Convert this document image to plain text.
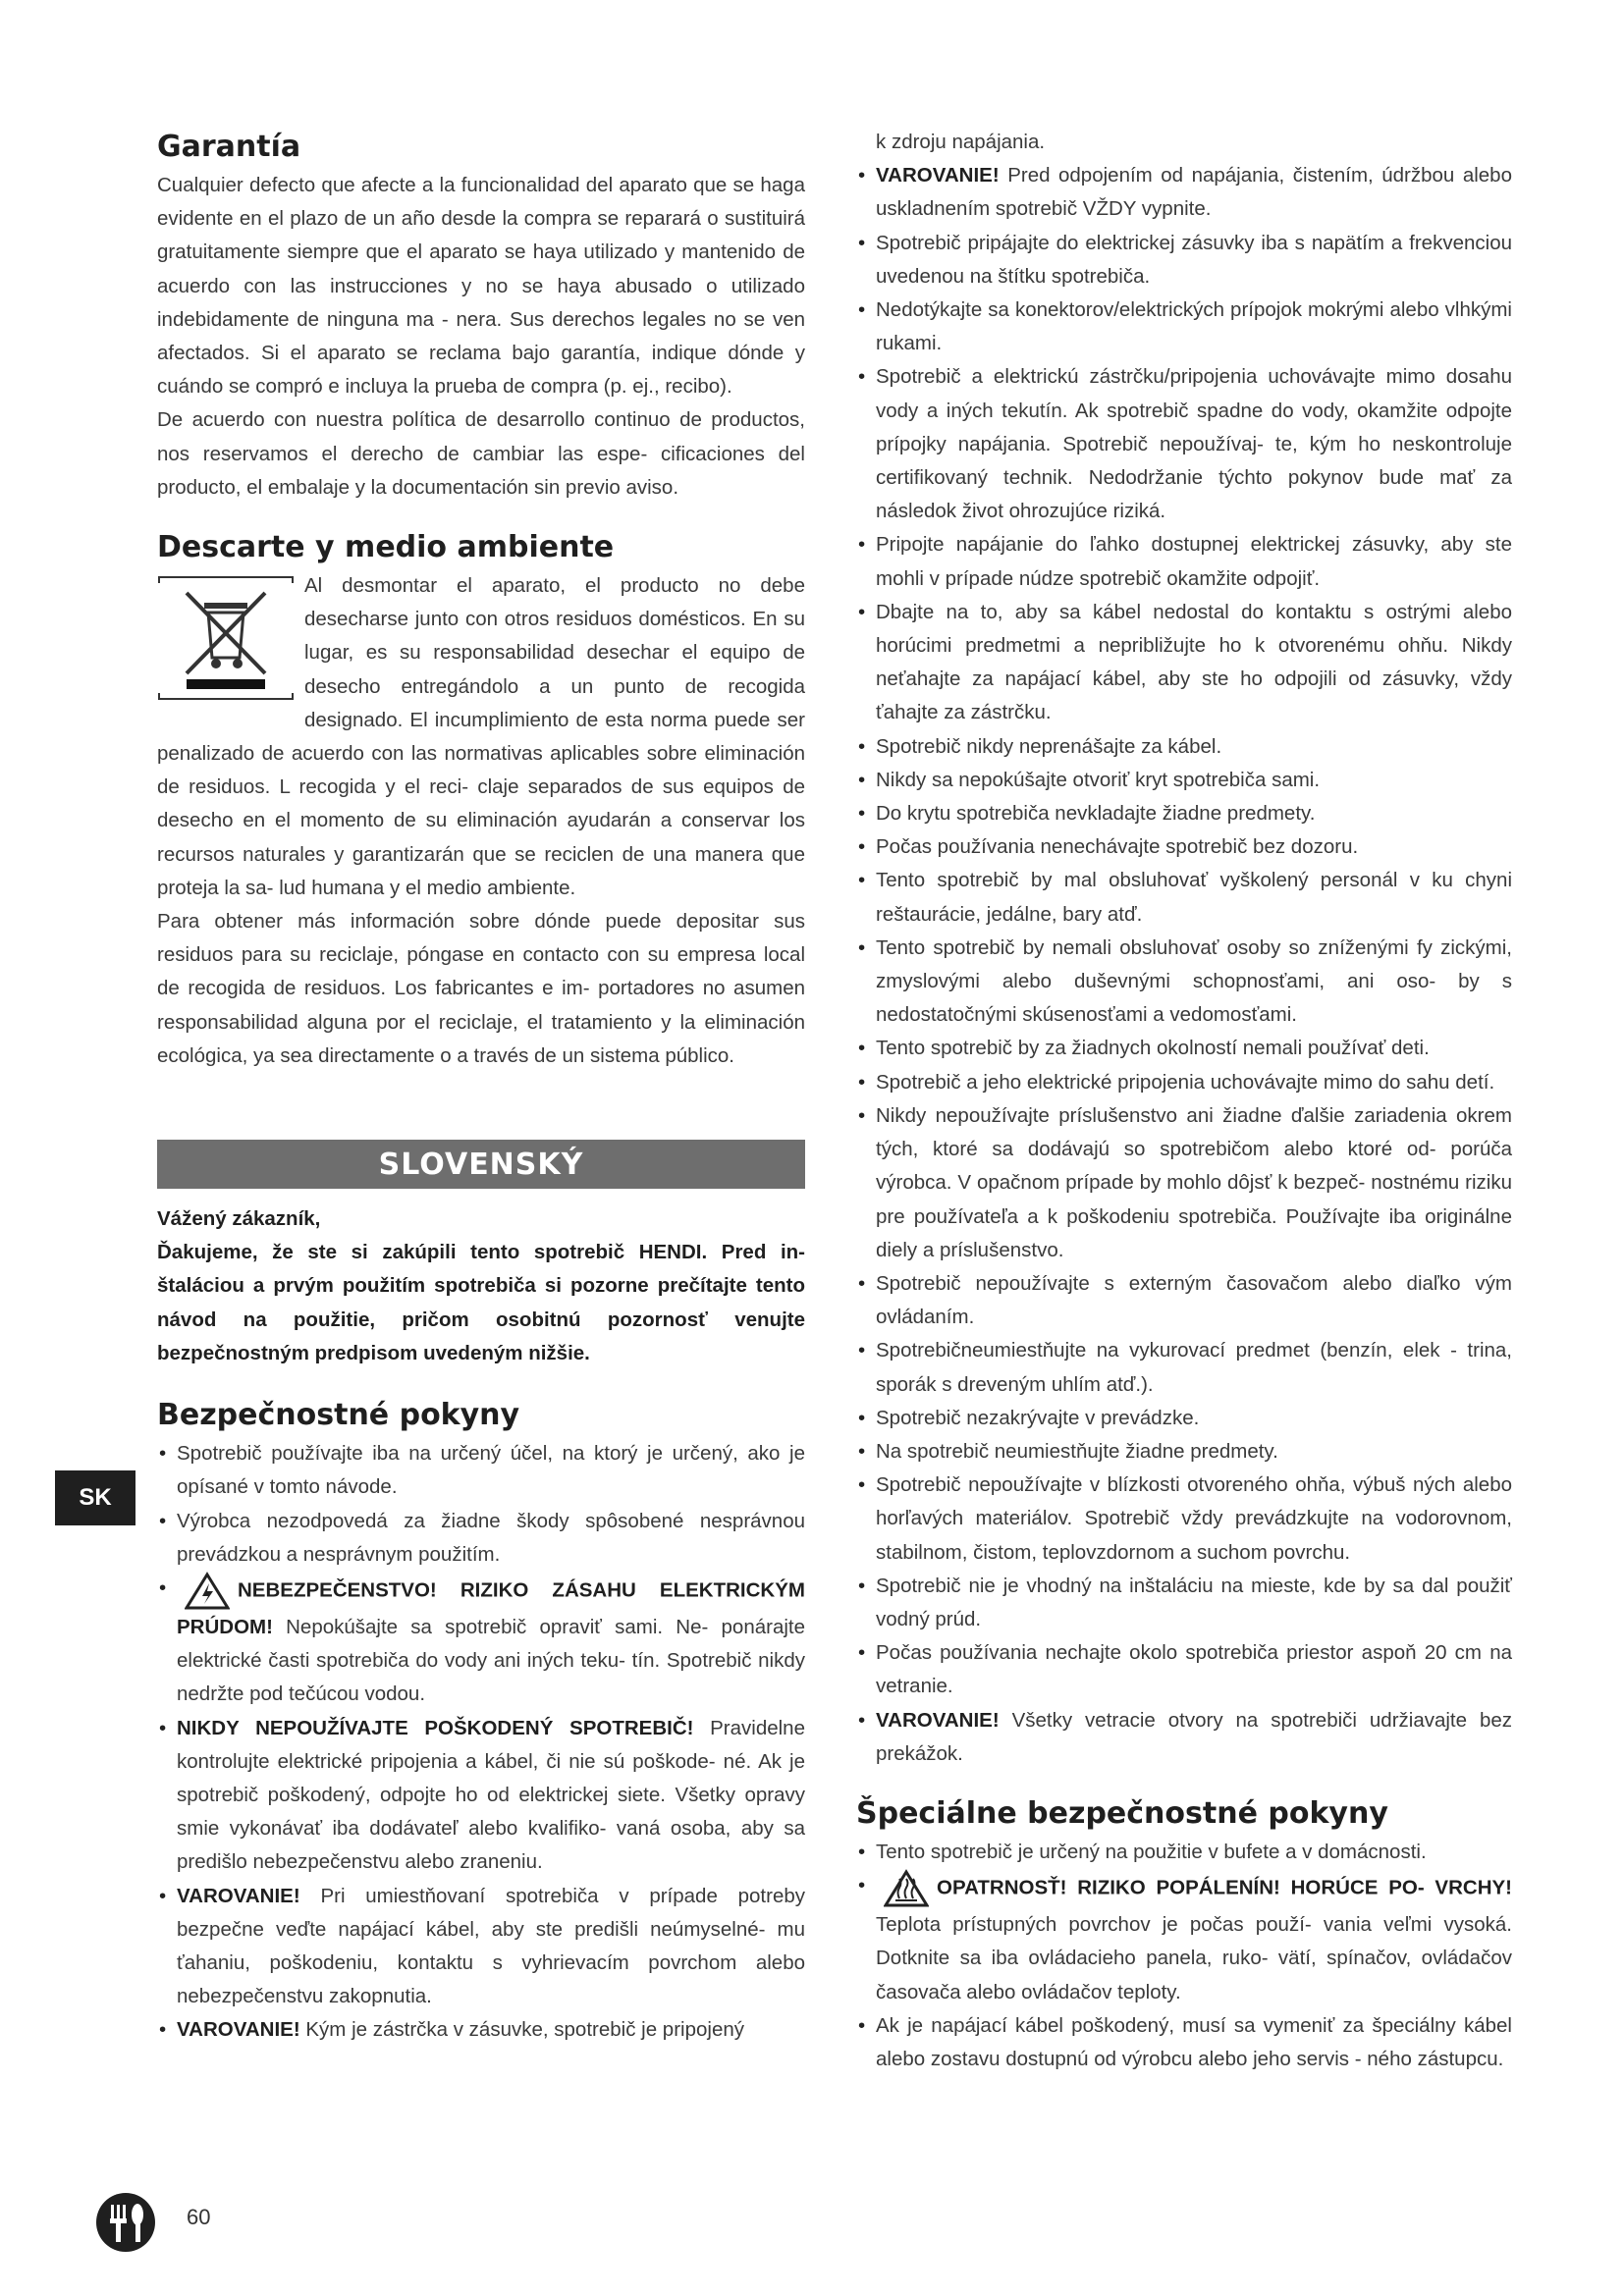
SK
Garantía

Cualquier defecto que afecte a la funcionalidad del aparato que se haga evidente en el plazo de un año desde la compra se reparará o sustituirá gratuitamente siempre que el aparato se haya utilizado y mantenido de acuerdo con las instrucciones y no se haya abusado o utilizado indebidamente de ninguna ma - nera. Sus derechos legales no se ven afectados. Si el aparato se reclama bajo garantía, indique dónde y cuándo se compró e incluya la prueba de compra (p. ej., recibo).

De acuerdo con nuestra política de desarrollo continuo de productos, nos reservamos el derecho de cambiar las espe- cificaciones del producto, el embalaje y la documentación sin previo aviso.

Descarte y medio ambiente

Al desmontar el aparato, el producto no debe desecharse junto con otros residuos domésticos. En su lugar, es su responsabilidad desechar el equipo de desecho entregándolo a un punto de recogida designado. El incumplimiento de esta norma puede ser penalizado de acuerdo con las normativas aplicables sobre eliminación de residuos. L recogida y el reci- claje separados de sus equipos de desecho en el momento de su eliminación ayudarán a conservar los recursos naturales y garantizarán que se reciclen de una manera que proteja la sa- lud humana y el medio ambiente.

Para obtener más información sobre dónde puede depositar sus residuos para su reciclaje, póngase en contacto con su empresa local de recogida de residuos. Los fabricantes e im- portadores no asumen responsabilidad alguna por el reciclaje, el tratamiento y la eliminación ecológica, ya sea directamente o a través de un sistema público.

SLOVENSKÝ

Vážený zákazník,

Ďakujeme, že ste si zakúpili tento spotrebič HENDI. Pred in- štaláciou a prvým použitím spotrebiča si pozorne prečítajte tento návod na použitie, pričom osobitnú pozornosť venujte bezpečnostným predpisom uvedeným nižšie.

Bezpečnostné pokyny
• Spotrebič používajte iba na určený účel, na ktorý je určený, ako je opísané v tomto návode.
• Výrobca nezodpovedá za žiadne škody spôsobené nesprávnou prevádzkou a nesprávnym použitím.
• NEBEZPEČENSTVO! RIZIKO ZÁSAHU ELEKTRICKÝM PRÚDOM! Nepokúšajte sa spotrebič opraviť sami. Ne- ponárajte elektrické časti spotrebiča do vody ani iných teku- tín. Spotrebič nikdy nedržte pod tečúcou vodou.
• NIKDY NEPOUŽÍVAJTE POŠKODENÝ SPOTREBIČ! Pravidelne kontrolujte elektrické pripojenia a kábel, či nie sú poškode- né. Ak je spotrebič poškodený, odpojte ho od elektrickej siete. Všetky opravy smie vykonávať iba dodávateľ alebo kvalifiko- vaná osoba, aby sa predišlo nebezpečenstvu alebo zraneniu.
• VAROVANIE! Pri umiestňovaní spotrebiča v prípade potreby bezpečne veďte napájací kábel, aby ste predišli neúmyselné- mu ťahaniu, poškodeniu, kontaktu s vyhrievacím povrchom alebo nebezpečenstvu zakopnutia.
• VAROVANIE! Kým je zástrčka v zásuvke, spotrebič je pripojený

k zdroju napájania.

• VAROVANIE! Pred odpojením od napájania, čistením, údržbou alebo uskladnením spotrebič VŽDY vypnite.
• Spotrebič pripájajte do elektrickej zásuvky iba s napätím a frekvenciou uvedenou na štítku spotrebiča.
• Nedotýkajte sa konektorov/elektrických prípojok mokrými alebo vlhkými rukami.
• Spotrebič a elektrickú zástrčku/pripojenia uchovávajte mimo dosahu vody a iných tekutín. Ak spotrebič spadne do vody, okamžite odpojte prípojky napájania. Spotrebič nepoužívaj- te, kým ho neskontroluje certifikovaný technik. Nedodržanie týchto pokynov bude mať za následok život ohrozujúce riziká.
• Pripojte napájanie do ľahko dostupnej elektrickej zásuvky, aby ste mohli v prípade núdze spotrebič okamžite odpojiť.
• Dbajte na to, aby sa kábel nedostal do kontaktu s ostrými alebo horúcimi predmetmi a nepribližujte ho k otvorenému ohňu. Nikdy neťahajte za napájací kábel, aby ste ho odpojili od zásuvky, vždy ťahajte za zástrčku.
• Spotrebič nikdy neprenášajte za kábel.
• Nikdy sa nepokúšajte otvoriť kryt spotrebiča sami.
• Do krytu spotrebiča nevkladajte žiadne predmety.
• Počas používania nenechávajte spotrebič bez dozoru.
• Tento spotrebič by mal obsluhovať vyškolený personál v ku chyni reštaurácie, jedálne, bary atď.
• Tento spotrebič by nemali obsluhovať osoby so zníženými fy zickými, zmyslovými alebo duševnými schopnosťami, ani oso- by s nedostatočnými skúsenosťami a vedomosťami.
• Tento spotrebič by za žiadnych okolností nemali používať deti.
• Spotrebič a jeho elektrické pripojenia uchovávajte mimo do sahu detí.
• Nikdy nepoužívajte príslušenstvo ani žiadne ďalšie zariadenia okrem tých, ktoré sa dodávajú so spotrebičom alebo ktoré od- porúča výrobca. V opačnom prípade by mohlo dôjsť k bezpeč- nostnému riziku pre používateľa a k poškodeniu spotrebiča. Používajte iba originálne diely a príslušenstvo.
• Spotrebič nepoužívajte s externým časovačom alebo diaľko vým ovládaním.
• Spotrebičneumiestňujte na vykurovací predmet (benzín, elek - trina, sporák s dreveným uhlím atď.).
• Spotrebič nezakrývajte v prevádzke.
• Na spotrebič neumiestňujte žiadne predmety.
• Spotrebič nepoužívajte v blízkosti otvoreného ohňa, výbuš ných alebo horľavých materiálov. Spotrebič vždy prevádzkujte na vodorovnom, stabilnom, čistom, teplovzdornom a suchom povrchu.
• Spotrebič nie je vhodný na inštaláciu na mieste, kde by sa dal použiť vodný prúd.
• Počas používania nechajte okolo spotrebiča priestor aspoň 20 cm na vetranie.
• VAROVANIE! Všetky vetracie otvory na spotrebiči udržiavajte bez prekážok.
Špeciálne bezpečnostné pokyny
• Tento spotrebič je určený na použitie v bufete a v domácnosti.
• OPATRNOSŤ! RIZIKO POPÁLENÍN! HORÚCE PO- VRCHY! Teplota prístupných povrchov je počas použí- vania veľmi vysoká. Dotknite sa iba ovládacieho panela, ruko- vätí, spínačov, ovládačov časovača alebo ovládačov teploty.
• Ak je napájací kábel poškodený, musí sa vymeniť za špeciálny kábel alebo zostavu dostupnú od výrobcu alebo jeho servis - ného zástupcu.
60
